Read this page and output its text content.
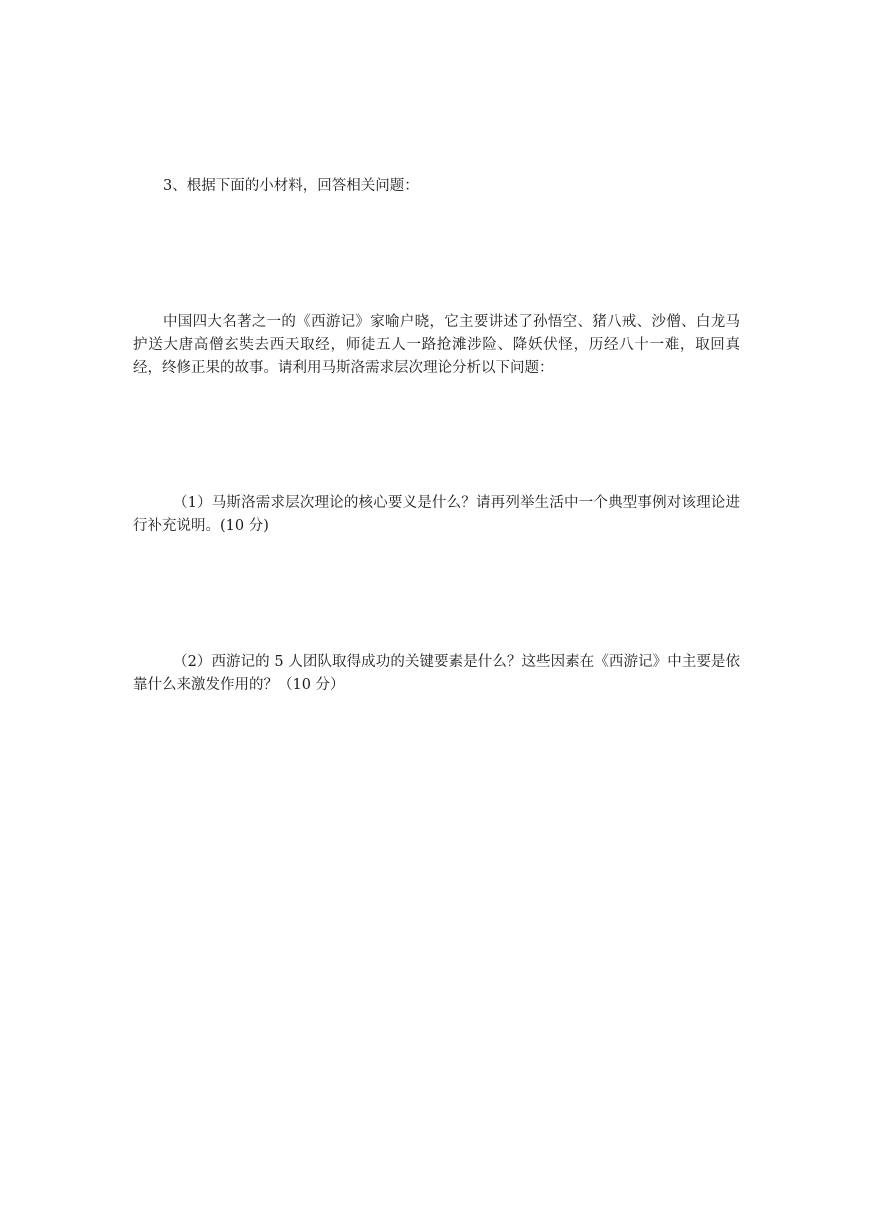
3、根据下面的小材料，回答相关问题：

中国四大名著之一的《西游记》家喻户晓，它主要讲述了孙悟空、猪八戒、沙僧、白龙马护送大唐高僧玄奘去西天取经，师徒五人一路抢滩涉险、降妖伏怪，历经八十一难，取回真经，终修正果的故事。请利用马斯洛需求层次理论分析以下问题：

（1）马斯洛需求层次理论的核心要义是什么？请再列举生活中一个典型事例对该理论进行补充说明。(10 分)

（2）西游记的 5 人团队取得成功的关键要素是什么？这些因素在《西游记》中主要是依靠什么来激发作用的？（10 分）
